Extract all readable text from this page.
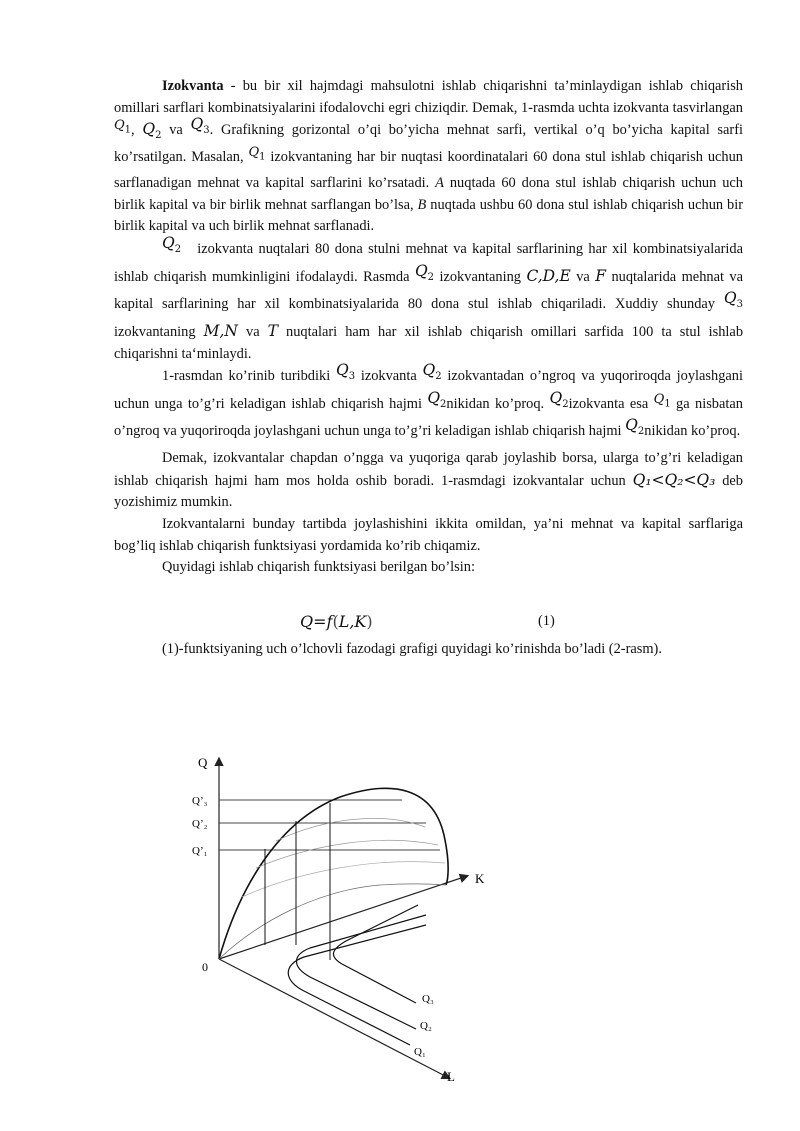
Izokvanta - bu bir xil hajmdagi mahsulotni ishlab chiqarishni ta’minlaydigan ishlab chiqarish omillari sarflari kombinatsiyalarini ifodalovchi egri chiziqdir. Demak, 1-rasmda uchta izokvanta tasvirlangan $Q_1$, $Q_2$ va $Q_3$. Grafikning gorizontal o’qi bo’yicha mehnat sarfi, vertikal o’q bo’yicha kapital sarfi ko’rsatilgan. Masalan, $Q_1$ izokvantaning har bir nuqtasi koordinatalari 60 dona stul ishlab chiqarish uchun sarflanadigan mehnat va kapital sarflarini ko’rsatadi. A nuqtada 60 dona stul ishlab chiqarish uchun uch birlik kapital va bir birlik mehnat sarflangan bo’lsa, B nuqtada ushbu 60 dona stul ishlab chiqarish uchun bir birlik kapital va uch birlik mehnat sarflanadi.

$Q_2$   izokvanta nuqtalari 80 dona stulni mehnat va kapital sarflarining har xil kombinatsiyalarida ishlab chiqarish mumkinligini ifodalaydi. Rasmda $Q_2$ izokvantaning C,D,E va F nuqtalarida mehnat va kapital sarflarining har xil kombinatsiyalarida 80 dona stul ishlab chiqariladi. Xuddiy shunday $Q_3$ izokvantaning M,N va T nuqtalari ham har xil ishlab chiqarish omillari sarfida 100 ta stul ishlab chiqarishni ta‘minlaydi.

1-rasmdan ko’rinib turibdiki $Q_3$ izokvanta $Q_2$ izokvantadan o’ngroq va yuqoriroqda joylashgani uchun unga to’g’ri keladigan ishlab chiqarish hajmi $Q_2nikidan$ ko’proq. $Q_2izokvanta$ esa $Q_1$ ga nisbatan o’ngroq va yuqoriroqda joylashgani uchun unga to’g’ri keladigan ishlab chiqarish hajmi $Q_2nikidan$ ko’proq.

Demak, izokvantalar chapdan o’ngga va yuqoriga qarab joylashib borsa, ularga to’g’ri keladigan ishlab chiqarish hajmi ham mos holda oshib boradi. 1-rasmdagi izokvantalar uchun Q₁<Q₂<Q₃ deb yozishimiz mumkin.

Izokvantalarni bunday tartibda joylashishini ikkita omildan, ya’ni mehnat va kapital sarflariga bog’liq ishlab chiqarish funktsiyasi yordamida ko’rib chiqamiz.

Quyidagi ishlab chiqarish funktsiyasi berilgan bo’lsin:

Q=f(L,K)	(1)

(1)-funktsiyaning uch o’lchovli fazodagi grafigi quyidagi ko’rinishda bo’ladi (2-rasm).

Q
K
L
0
Q’₃
Q’₂
Q’₁
Q₃
Q₂
Q₁
